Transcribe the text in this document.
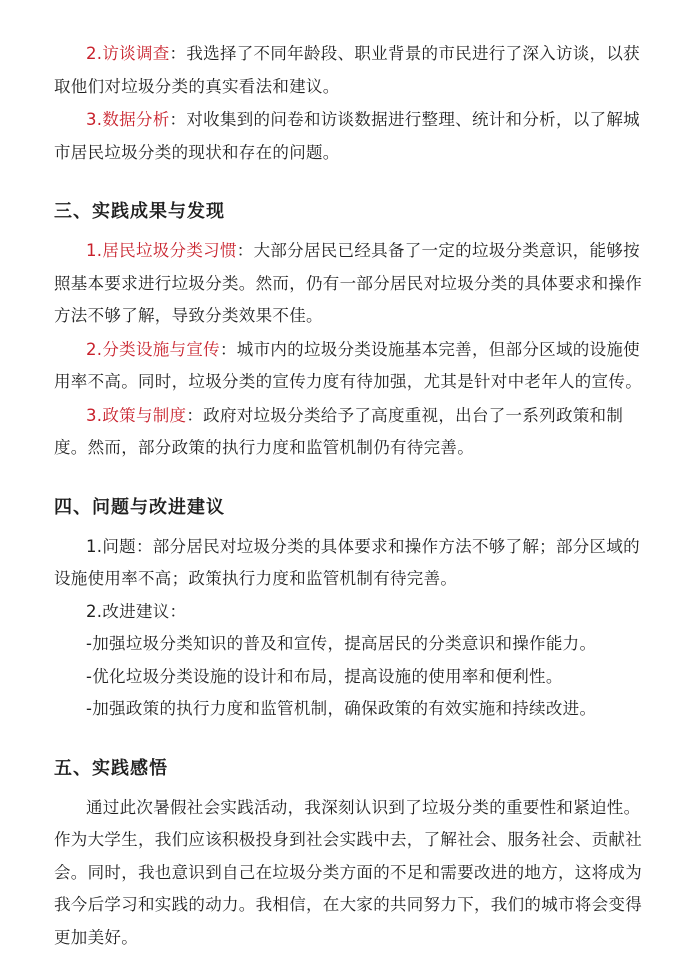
2.访谈调查：我选择了不同年龄段、职业背景的市民进行了深入访谈，以获取他们对垃圾分类的真实看法和建议。

3.数据分析：对收集到的问卷和访谈数据进行整理、统计和分析，以了解城市居民垃圾分类的现状和存在的问题。

三、实践成果与发现

1.居民垃圾分类习惯：大部分居民已经具备了一定的垃圾分类意识，能够按照基本要求进行垃圾分类。然而，仍有一部分居民对垃圾分类的具体要求和操作方法不够了解，导致分类效果不佳。

2.分类设施与宣传：城市内的垃圾分类设施基本完善，但部分区域的设施使用率不高。同时，垃圾分类的宣传力度有待加强，尤其是针对中老年人的宣传。

3.政策与制度：政府对垃圾分类给予了高度重视，出台了一系列政策和制度。然而，部分政策的执行力度和监管机制仍有待完善。

四、问题与改进建议

1.问题：部分居民对垃圾分类的具体要求和操作方法不够了解；部分区域的设施使用率不高；政策执行力度和监管机制有待完善。

2.改进建议：

-加强垃圾分类知识的普及和宣传，提高居民的分类意识和操作能力。

-优化垃圾分类设施的设计和布局，提高设施的使用率和便利性。

-加强政策的执行力度和监管机制，确保政策的有效实施和持续改进。

五、实践感悟

通过此次暑假社会实践活动，我深刻认识到了垃圾分类的重要性和紧迫性。作为大学生，我们应该积极投身到社会实践中去，了解社会、服务社会、贡献社会。同时，我也意识到自己在垃圾分类方面的不足和需要改进的地方，这将成为我今后学习和实践的动力。我相信，在大家的共同努力下，我们的城市将会变得更加美好。
